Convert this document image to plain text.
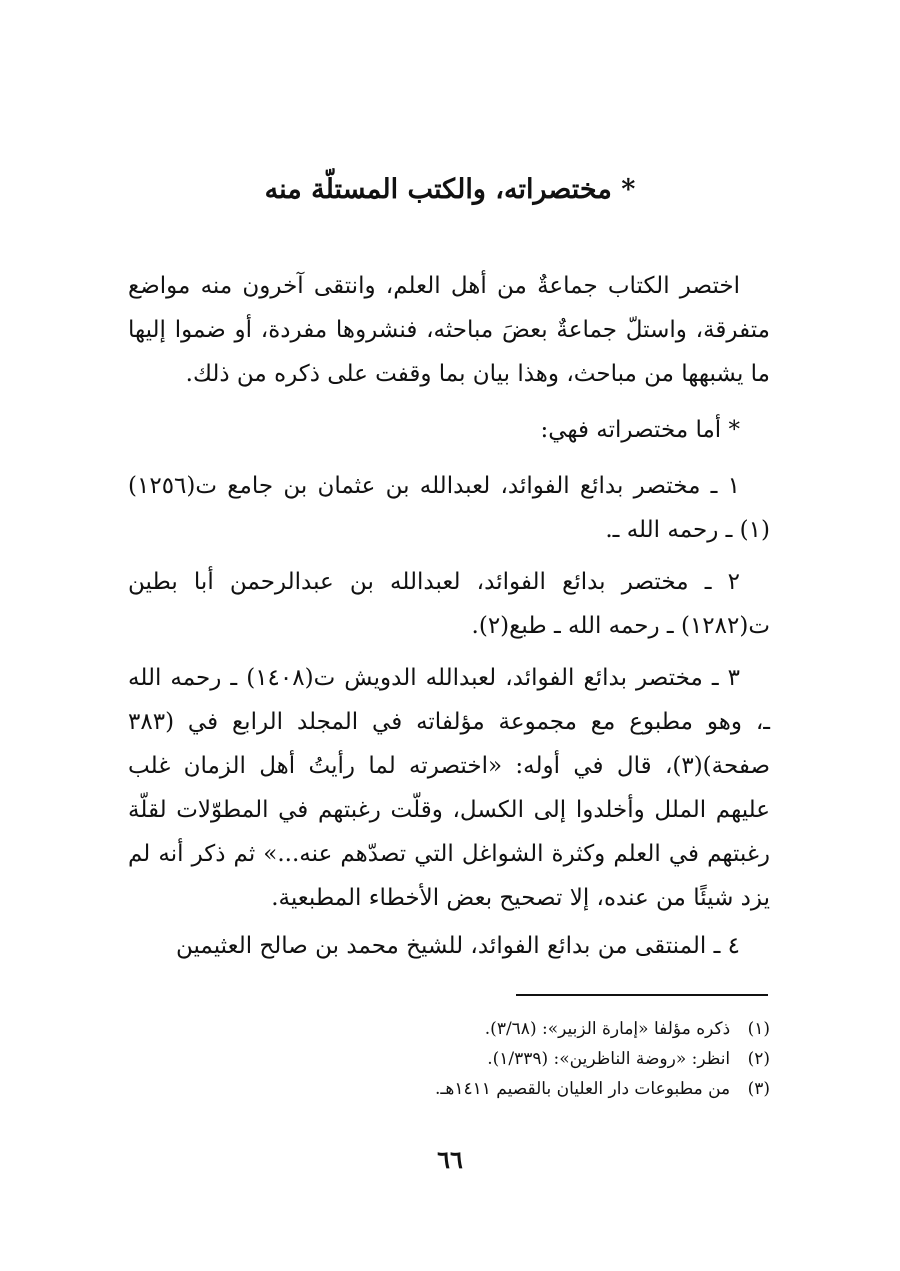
* مختصراته، والكتب المستلّة منه

اختصر الكتاب جماعةٌ من أهل العلم، وانتقى آخرون منه مواضع متفرقة، واستلّ جماعةٌ بعضَ مباحثه، فنشروها مفردة، أو ضموا إليها ما يشبهها من مباحث، وهذا بيان بما وقفت على ذكره من ذلك.

* أما مختصراته فهي:

١ ـ مختصر بدائع الفوائد، لعبدالله بن عثمان بن جامع ت(١٢٥٦)(١) ـ رحمه الله ـ.

٢ ـ مختصر بدائع الفوائد، لعبدالله بن عبدالرحمن أبا بطين ت(١٢٨٢) ـ رحمه الله ـ طبع(٢).

٣ ـ مختصر بدائع الفوائد، لعبدالله الدويش ت(١٤٠٨) ـ رحمه الله ـ، وهو مطبوع مع مجموعة مؤلفاته في المجلد الرابع في (٣٨٣ صفحة)(٣)، قال في أوله: «اختصرته لما رأيتُ أهل الزمان غلب عليهم الملل وأخلدوا إلى الكسل، وقلّت رغبتهم في المطوّلات لقلّة رغبتهم في العلم وكثرة الشواغل التي تصدّهم عنه...» ثم ذكر أنه لم يزد شيئًا من عنده، إلا تصحيح بعض الأخطاء المطبعية.

٤ ـ المنتقى من بدائع الفوائد، للشيخ محمد بن صالح العثيمين

(١) ذكره مؤلفا «إمارة الزبير»: (٣/٦٨).
(٢) انظر: «روضة الناظرين»: (١/٣٣٩).
(٣) من مطبوعات دار العليان بالقصيم ١٤١١هـ.
٦٦
